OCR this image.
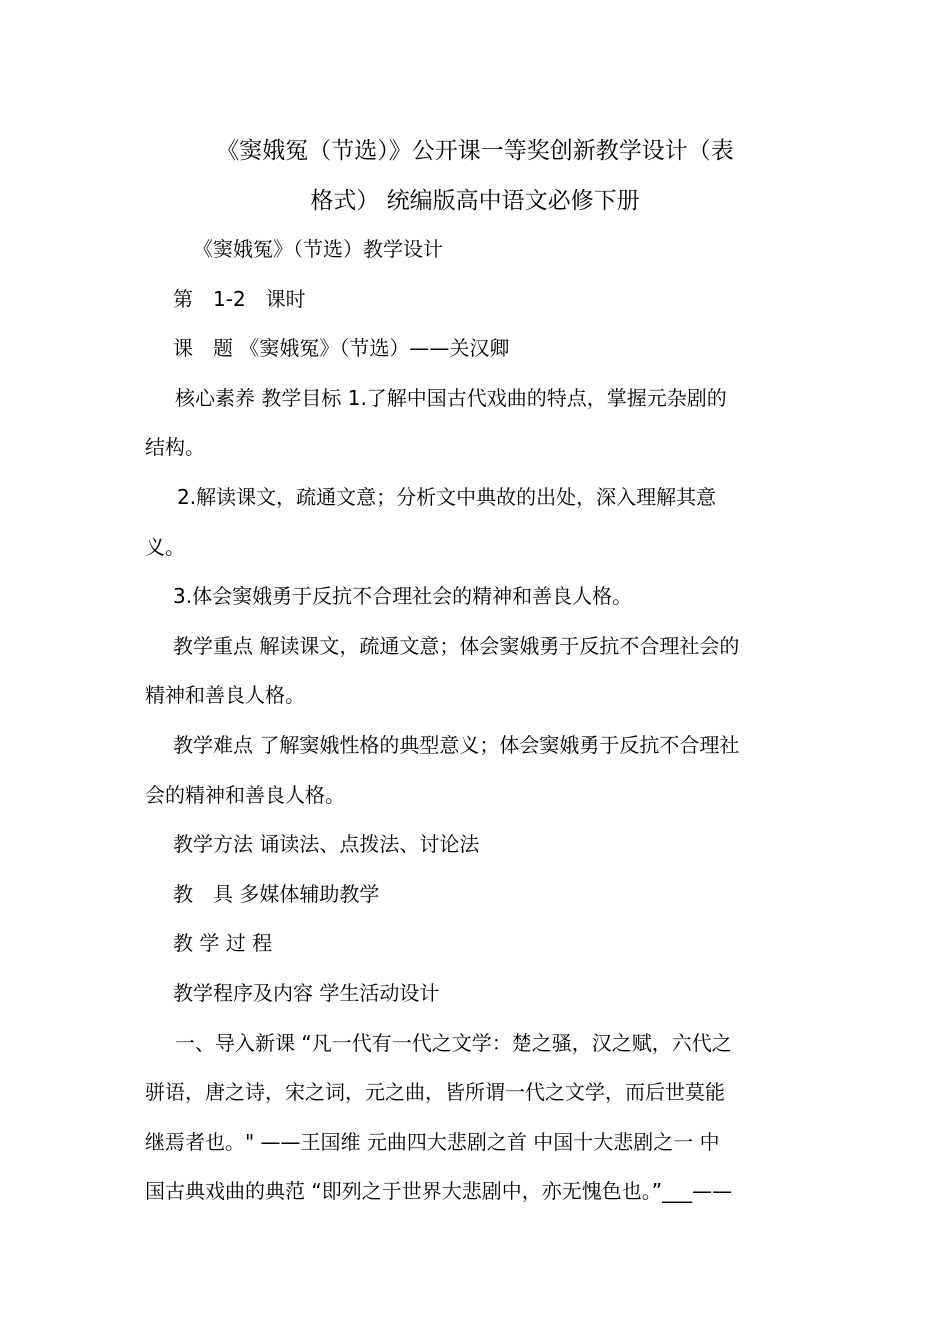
《窦娥冤（节选）》公开课一等奖创新教学设计（表
格式） 统编版高中语文必修下册
《窦娥冤》（节选）教学设计
第　1-2　课时
课　题 《窦娥冤》（节选）——关汉卿
核心素养 教学目标 1.了解中国古代戏曲的特点，掌握元杂剧的
结构。
2.解读课文，疏通文意；分析文中典故的出处，深入理解其意
义。
3.体会窦娥勇于反抗不合理社会的精神和善良人格。
教学重点 解读课文，疏通文意；体会窦娥勇于反抗不合理社会的
精神和善良人格。
教学难点 了解窦娥性格的典型意义；体会窦娥勇于反抗不合理社
会的精神和善良人格。
教学方法 诵读法、点拨法、讨论法
教　具 多媒体辅助教学
教 学 过 程
教学程序及内容 学生活动设计
一、导入新课 “凡一代有一代之文学：楚之骚，汉之赋，六代之
骈语，唐之诗，宋之词，元之曲，皆所谓一代之文学，而后世莫能
继焉者也。" ——王国维 元曲四大悲剧之首 中国十大悲剧之一 中
国古典戏曲的典范 “即列之于世界大悲剧中，亦无愧色也。”___——
